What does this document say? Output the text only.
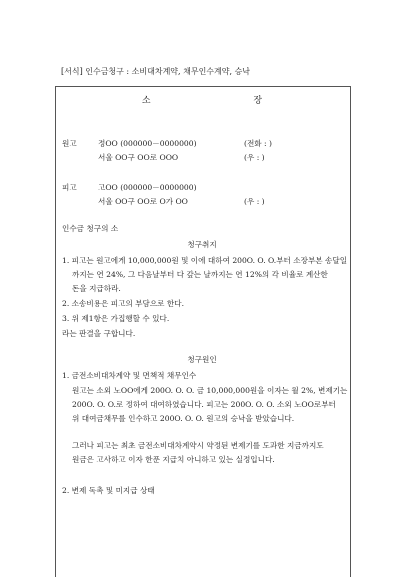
[서식] 인수금청구 : 소비대차계약, 채무인수계약, 승낙
소 장
원고	정OO (000000－0000000)	(전화 : )
서울 OO구 OO로 OOO	(우 : )
피고	고OO (000000－0000000)
서울 OO구 OO로 O가 OO	(우 : )
인수금 청구의 소
청구취지
1. 피고는 원고에게 10,000,000원 및 이에 대하여 200O. O. O.부터 소장부본 송달일
까지는 연 24%, 그 다음날부터 다 갚는 날까지는 연 12%의 각 비율로 계산한
돈을 지급하라.
2. 소송비용은 피고의 부담으로 한다.
3. 위 제1항은 가집행할 수 있다.
라는 판결을 구합니다.
청구원인
1. 금전소비대차계약 및 면책적 채무인수
원고는 소외 노OO에게 200O. O. O. 금 10,000,000원을 이자는 월 2%, 변제기는
200O. O. O.로 정하여 대여하였습니다. 피고는 200O. O. O. 소외 노OO로부터
위 대여금채무를 인수하고 200O. O. O. 원고의 승낙을 받았습니다.
그러나 피고는 최초 금전소비대차계약시 약정된 변제기를 도과한 지금까지도
원금은 고사하고 이자 한푼 지급치 아니하고 있는 실정입니다.
2. 변제 독촉 및 미지급 상태
